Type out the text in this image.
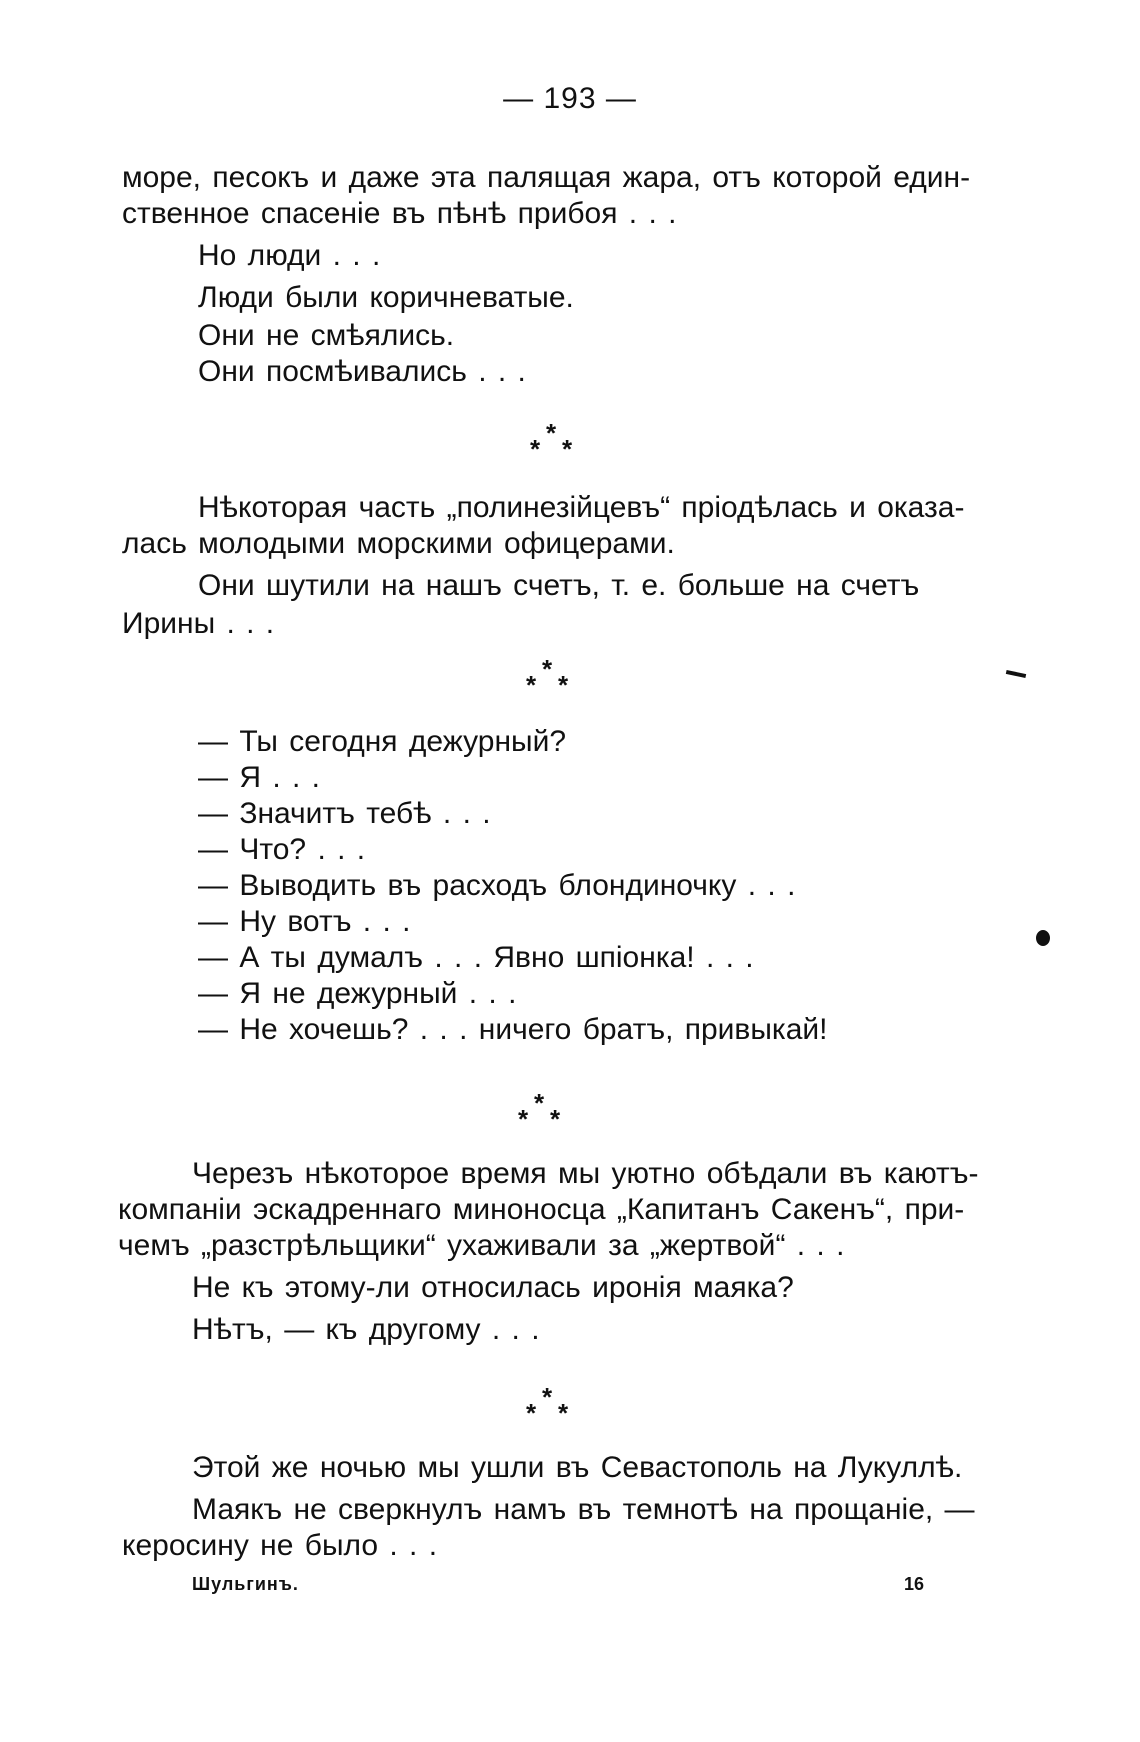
— 193 —
море, песокъ и даже эта палящая жара, отъ которой един-
ственное спасеніе въ пѣнѣ прибоя . . .
Но люди . . .
Люди были коричневатые.
Они не смѣялись.
Они посмѣивались . . .
*
* *
Нѣкоторая часть „полинезійцевъ“ пріодѣлась и оказа-
лась молодыми морскими офицерами.
Они шутили на нашъ счетъ, т. е. больше на счетъ
Ирины . . .
*
* *
— Ты сегодня дежурный?
— Я . . .
— Значитъ тебѣ . . .
— Что? . . .
— Выводить въ расходъ блондиночку . . .
— Ну вотъ . . .
— А ты думалъ . . . Явно шпіонка! . . .
— Я не дежурный . . .
— Не хочешь? . . . ничего братъ, привыкай!
*
* *
Черезъ нѣкоторое время мы уютно обѣдали въ каютъ-
компаніи эскадреннаго миноносца „Капитанъ Сакенъ“, при-
чемъ „разстрѣльщики“ ухаживали за „жертвой“ . . .
Не къ этому-ли относилась иронія маяка?
Нѣтъ, — къ другому . . .
*
* *
Этой же ночью мы ушли въ Севастополь на Лукуллѣ.
Маякъ не сверкнулъ намъ въ темнотѣ на прощаніе, —
керосину не было . . .
Шульгинъ.	16
